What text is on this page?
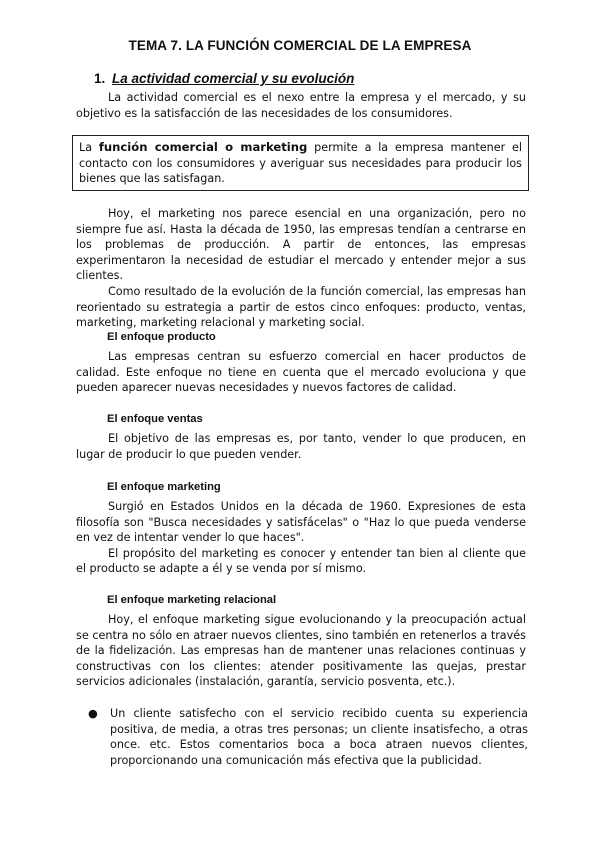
TEMA 7. LA FUNCIÓN COMERCIAL DE LA EMPRESA
1. La actividad comercial y su evolución

La actividad comercial es el nexo entre la empresa y el mercado, y su objetivo es la satisfacción de las necesidades de los consumidores.

La función comercial o marketing permite a la empresa mantener el contacto con los consumidores y averiguar sus necesidades para producir los bienes que las satisfagan.

Hoy, el marketing nos parece esencial en una organización, pero no siempre fue así. Hasta la década de 1950, las empresas tendían a centrarse en los problemas de producción. A partir de entonces, las empresas experimentaron la necesidad de estudiar el mercado y entender mejor a sus clientes.

Como resultado de la evolución de la función comercial, las empresas han reorientado su estrategia a partir de estos cinco enfoques: producto, ventas, marketing, marketing relacional y marketing social.

El enfoque producto

Las empresas centran su esfuerzo comercial en hacer productos de calidad. Este enfoque no tiene en cuenta que el mercado evoluciona y que pueden aparecer nuevas necesidades y nuevos factores de calidad.

El enfoque ventas

El objetivo de las empresas es, por tanto, vender lo que producen, en lugar de producir lo que pueden vender.

El enfoque marketing

Surgió en Estados Unidos en la década de 1960. Expresiones de esta filosofía son "Busca necesidades y satisfácelas" o "Haz lo que pueda venderse en vez de intentar vender lo que haces".

El propósito del marketing es conocer y entender tan bien al cliente que el producto se adapte a él y se venda por sí mismo.

El enfoque marketing relacional

Hoy, el enfoque marketing sigue evolucionando y la preocupación actual se centra no sólo en atraer nuevos clientes, sino también en retenerlos a través de la fidelización. Las empresas han de mantener unas relaciones continuas y constructivas con los clientes: atender positivamente las quejas, prestar servicios adicionales (instalación, garantía, servicio posventa, etc.).

●	Un cliente satisfecho con el servicio recibido cuenta su experiencia positiva, de media, a otras tres personas; un cliente insatisfecho, a otras once. etc. Estos comentarios boca a boca atraen nuevos clientes, proporcionando una comunicación más efectiva que la publicidad.
